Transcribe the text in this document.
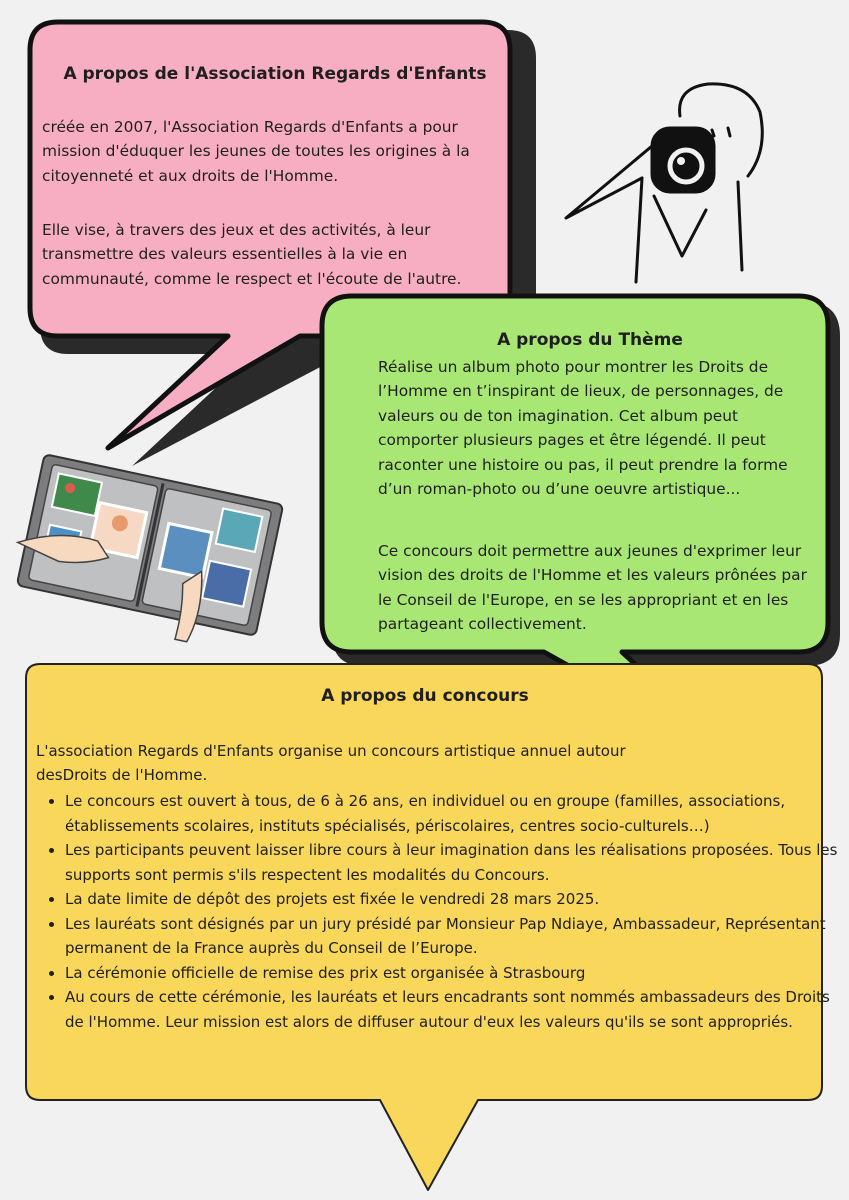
A propos de l'Association Regards d'Enfants

créée en 2007, l'Association Regards d'Enfants a pour mission d'éduquer les jeunes de toutes les origines à la citoyenneté et aux droits de l'Homme.

Elle vise, à travers des jeux et des activités, à leur transmettre des valeurs essentielles à la vie en communauté, comme le respect et l'écoute de l'autre.

A propos du Thème

Réalise un album photo pour montrer les Droits de l’Homme en t’inspirant de lieux, de personnages, de valeurs ou de ton imagination. Cet album peut comporter plusieurs pages et être légendé. Il peut raconter une histoire ou pas, il peut prendre la forme d’un roman-photo ou d’une oeuvre artistique...

Ce concours doit permettre aux jeunes d'exprimer leur vision des droits de l'Homme et les valeurs prônées par le Conseil de l'Europe, en se les appropriant et en les partageant collectivement.

A propos du concours

L'association Regards d'Enfants organise un concours artistique annuel autour desDroits de l'Homme.

• Le concours est ouvert à tous, de 6 à 26 ans, en individuel ou en groupe (familles, associations, établissements scolaires, instituts spécialisés, périscolaires, centres socio-culturels…)
• Les participants peuvent laisser libre cours à leur imagination dans les réalisations proposées. Tous les supports sont permis s'ils respectent les modalités du Concours.
• La date limite de dépôt des projets est fixée le vendredi 28 mars 2025.
• Les lauréats sont désignés par un jury présidé par Monsieur Pap Ndiaye, Ambassadeur, Représentant permanent de la France auprès du Conseil de l’Europe.
• La cérémonie officielle de remise des prix est organisée à Strasbourg
• Au cours de cette cérémonie, les lauréats et leurs encadrants sont nommés ambassadeurs des Droits de l'Homme. Leur mission est alors de diffuser autour d'eux les valeurs qu'ils se sont appropriés.
